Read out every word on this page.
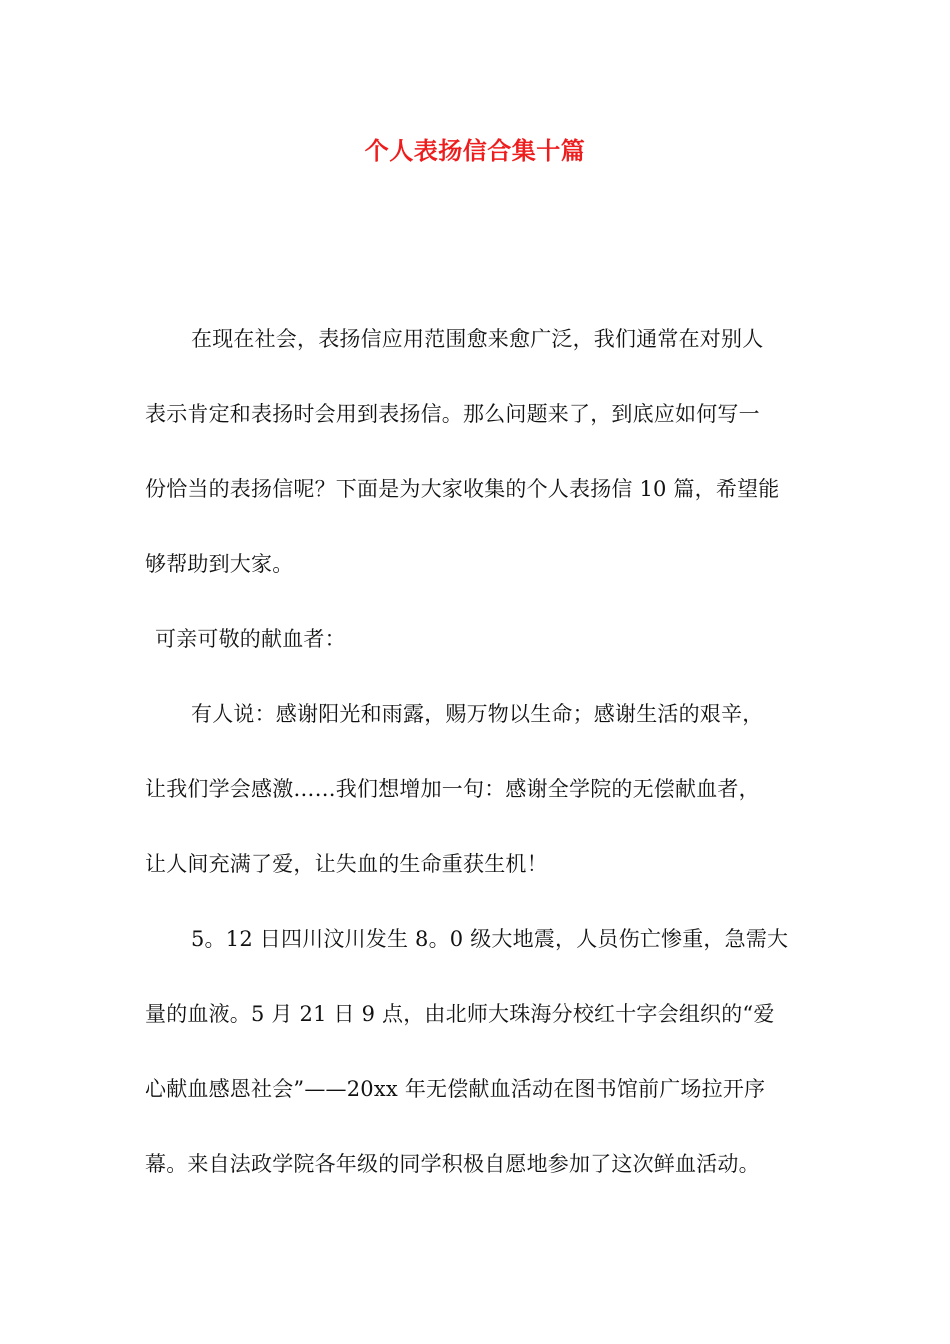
个人表扬信合集十篇

在现在社会，表扬信应用范围愈来愈广泛，我们通常在对别人

表示肯定和表扬时会用到表扬信。那么问题来了，到底应如何写一

份恰当的表扬信呢？下面是为大家收集的个人表扬信 10 篇，希望能

够帮助到大家。

可亲可敬的献血者：

有人说：感谢阳光和雨露，赐万物以生命；感谢生活的艰辛，

让我们学会感激……我们想增加一句：感谢全学院的无偿献血者，

让人间充满了爱，让失血的生命重获生机！

5。12 日四川汶川发生 8。0 级大地震，人员伤亡惨重，急需大

量的血液。5 月 21 日 9 点，由北师大珠海分校红十字会组织的“爱

心献血感恩社会”——20xx 年无偿献血活动在图书馆前广场拉开序

幕。来自法政学院各年级的同学积极自愿地参加了这次鲜血活动。
